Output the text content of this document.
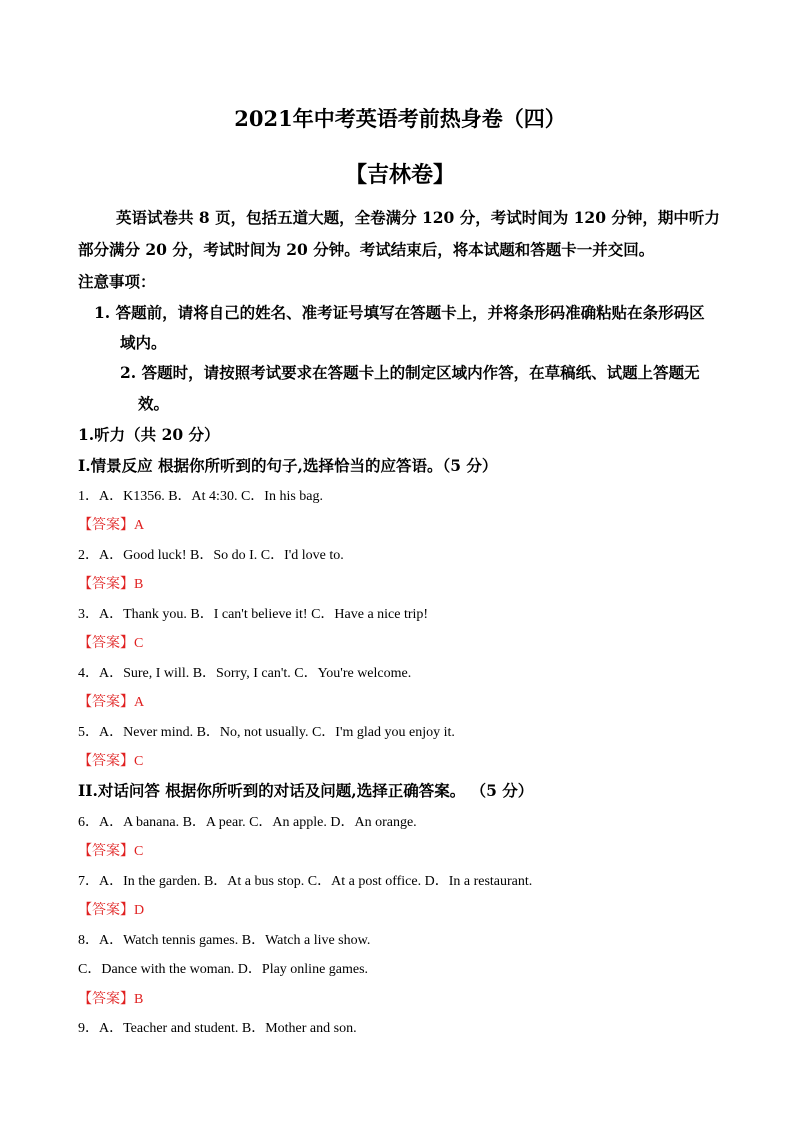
2021年中考英语考前热身卷（四）
【吉林卷】
英语试卷共 8 页，包括五道大题，全卷满分 120 分，考试时间为 120 分钟，期中听力
部分满分 20 分，考试时间为 20 分钟。考试结束后，将本试题和答题卡一并交回。
注意事项：
1. 答题前，请将自己的姓名、准考证号填写在答题卡上，并将条形码准确粘贴在条形码区
域内。
2. 答题时，请按照考试要求在答题卡上的制定区域内作答，在草稿纸、试题上答题无
效。
1.听力（共 20 分）
I.情景反应 根据你所听到的句子,选择恰当的应答语。（5 分）
1．A．K1356. B．At 4:30. C．In his bag.
【答案】A
2．A．Good luck! B．So do I. C．I'd love to.
【答案】B
3．A．Thank you. B．I can't believe it! C．Have a nice trip!
【答案】C
4．A．Sure, I will. B．Sorry, I can't. C．You're welcome.
【答案】A
5．A．Never mind. B．No, not usually. C．I'm glad you enjoy it.
【答案】C
II.对话问答 根据你所听到的对话及问题,选择正确答案。 （5 分）
6．A．A banana. B．A pear. C．An apple. D．An orange.
【答案】C
7．A．In the garden. B．At a bus stop. C．At a post office. D．In a restaurant.
【答案】D
8．A．Watch tennis games. B．Watch a live show.
C．Dance with the woman. D．Play online games.
【答案】B
9．A．Teacher and student. B．Mother and son.
